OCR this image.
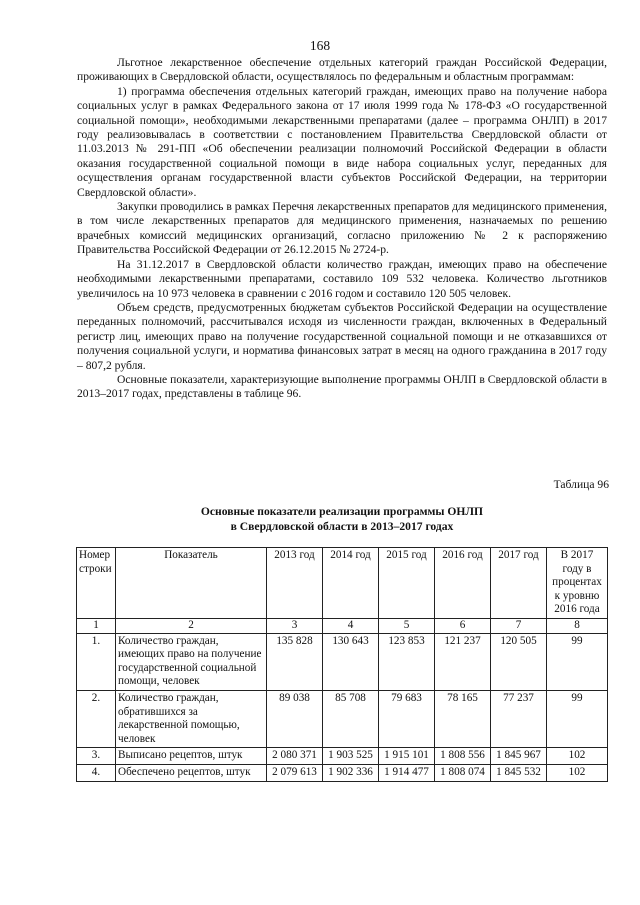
168

Льготное лекарственное обеспечение отдельных категорий граждан Российской Федерации, проживающих в Свердловской области, осуществлялось по федеральным и областным программам:

1) программа обеспечения отдельных категорий граждан, имеющих право на получение набора социальных услуг в рамках Федерального закона от 17 июля 1999 года № 178-ФЗ «О государственной социальной помощи», необходимыми лекарственными препаратами (далее – программа ОНЛП) в 2017 году реализовывалась в соответствии с постановлением Правительства Свердловской области от 11.03.2013 № 291-ПП «Об обеспечении реализации полномочий Российской Федерации в области оказания государственной социальной помощи в виде набора социальных услуг, переданных для осуществления органам государственной власти субъектов Российской Федерации, на территории Свердловской области».

Закупки проводились в рамках Перечня лекарственных препаратов для медицинского применения, в том числе лекарственных препаратов для медицинского применения, назначаемых по решению врачебных комиссий медицинских организаций, согласно приложению № 2 к распоряжению Правительства Российской Федерации от 26.12.2015 № 2724-р.

На 31.12.2017 в Свердловской области количество граждан, имеющих право на обеспечение необходимыми лекарственными препаратами, составило 109 532 человека. Количество льготников увеличилось на 10 973 человека в сравнении с 2016 годом и составило 120 505 человек.

Объем средств, предусмотренных бюджетам субъектов Российской Федерации на осуществление переданных полномочий, рассчитывался исходя из численности граждан, включенных в Федеральный регистр лиц, имеющих право на получение государственной социальной помощи и не отказавшихся от получения социальной услуги, и норматива финансовых затрат в месяц на одного гражданина в 2017 году – 807,2 рубля.

Основные показатели, характеризующие выполнение программы ОНЛП в Свердловской области в 2013–2017 годах, представлены в таблице 96.

Таблица 96
Основные показатели реализации программы ОНЛП
в Свердловской области в 2013–2017 годах
Номер строки	Показатель	2013 год	2014 год	2015 год	2016 год	2017 год	В 2017 году в процентах к уровню 2016 года
1	2	3	4	5	6	7	8
1.	Количество граждан, имеющих право на получение государственной социальной помощи, человек	135 828	130 643	123 853	121 237	120 505	99
2.	Количество граждан, обратившихся за лекарственной помощью, человек	89 038	85 708	79 683	78 165	77 237	99
3.	Выписано рецептов, штук	2 080 371	1 903 525	1 915 101	1 808 556	1 845 967	102
4.	Обеспечено рецептов, штук	2 079 613	1 902 336	1 914 477	1 808 074	1 845 532	102
